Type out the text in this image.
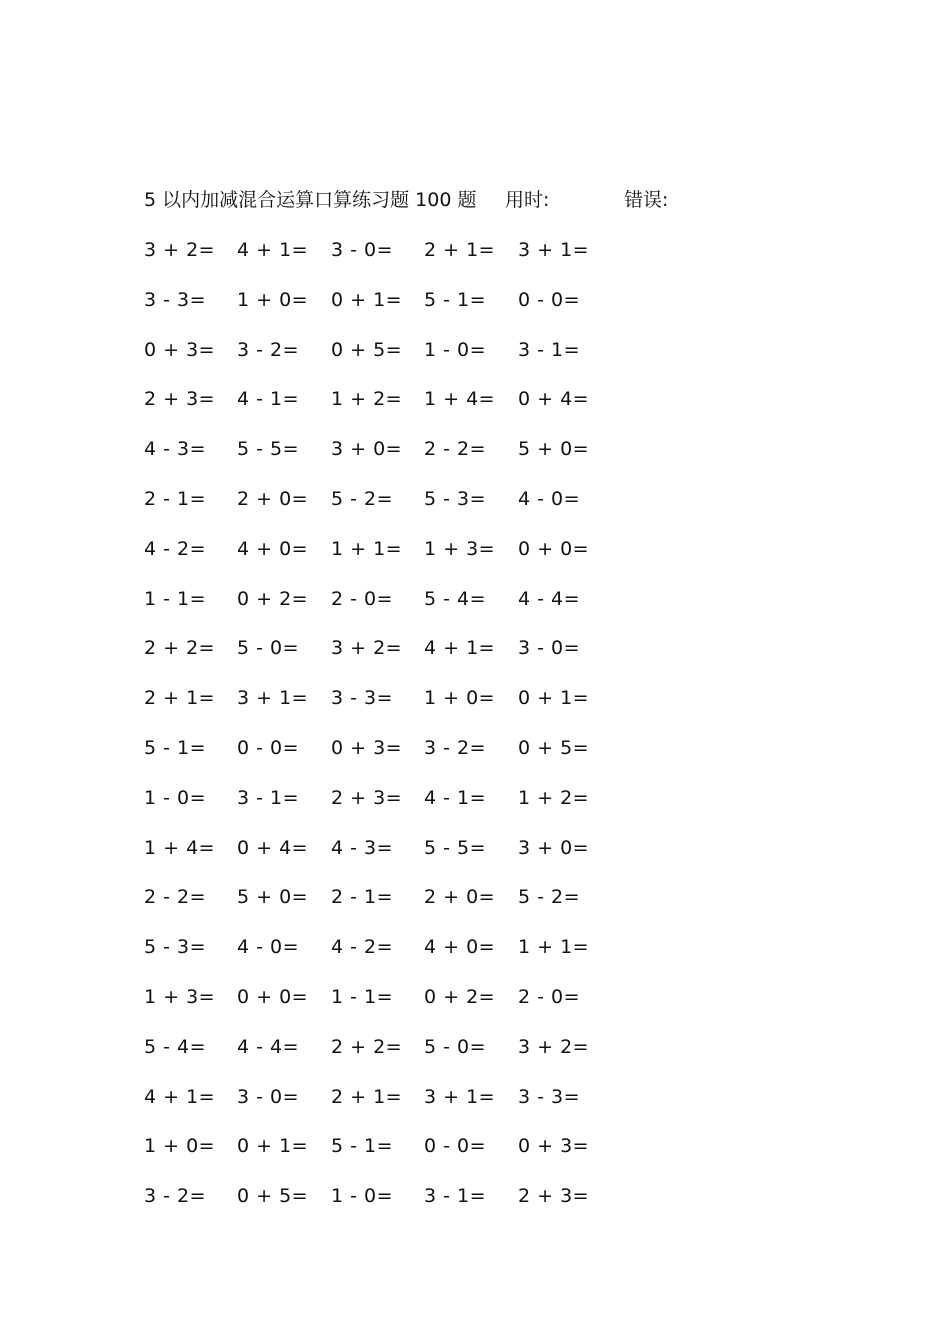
5 以内加减混合运算口算练习题 100 题 用时:	错误:
3 + 2= 4 + 1= 3 - 0= 2 + 1= 3 + 1=
3 - 3= 1 + 0= 0 + 1= 5 - 1= 0 - 0=
0 + 3= 3 - 2= 0 + 5= 1 - 0= 3 - 1=
2 + 3= 4 - 1= 1 + 2= 1 + 4= 0 + 4=
4 - 3= 5 - 5= 3 + 0= 2 - 2= 5 + 0=
2 - 1= 2 + 0= 5 - 2= 5 - 3= 4 - 0=
4 - 2= 4 + 0= 1 + 1= 1 + 3= 0 + 0=
1 - 1= 0 + 2= 2 - 0= 5 - 4= 4 - 4=
2 + 2= 5 - 0= 3 + 2= 4 + 1= 3 - 0=
2 + 1= 3 + 1= 3 - 3= 1 + 0= 0 + 1=
5 - 1= 0 - 0= 0 + 3= 3 - 2= 0 + 5=
1 - 0= 3 - 1= 2 + 3= 4 - 1= 1 + 2=
1 + 4= 0 + 4= 4 - 3= 5 - 5= 3 + 0=
2 - 2= 5 + 0= 2 - 1= 2 + 0= 5 - 2=
5 - 3= 4 - 0= 4 - 2= 4 + 0= 1 + 1=
1 + 3= 0 + 0= 1 - 1= 0 + 2= 2 - 0=
5 - 4= 4 - 4= 2 + 2= 5 - 0= 3 + 2=
4 + 1= 3 - 0= 2 + 1= 3 + 1= 3 - 3=
1 + 0= 0 + 1= 5 - 1= 0 - 0= 0 + 3=
3 - 2= 0 + 5= 1 - 0= 3 - 1= 2 + 3=
